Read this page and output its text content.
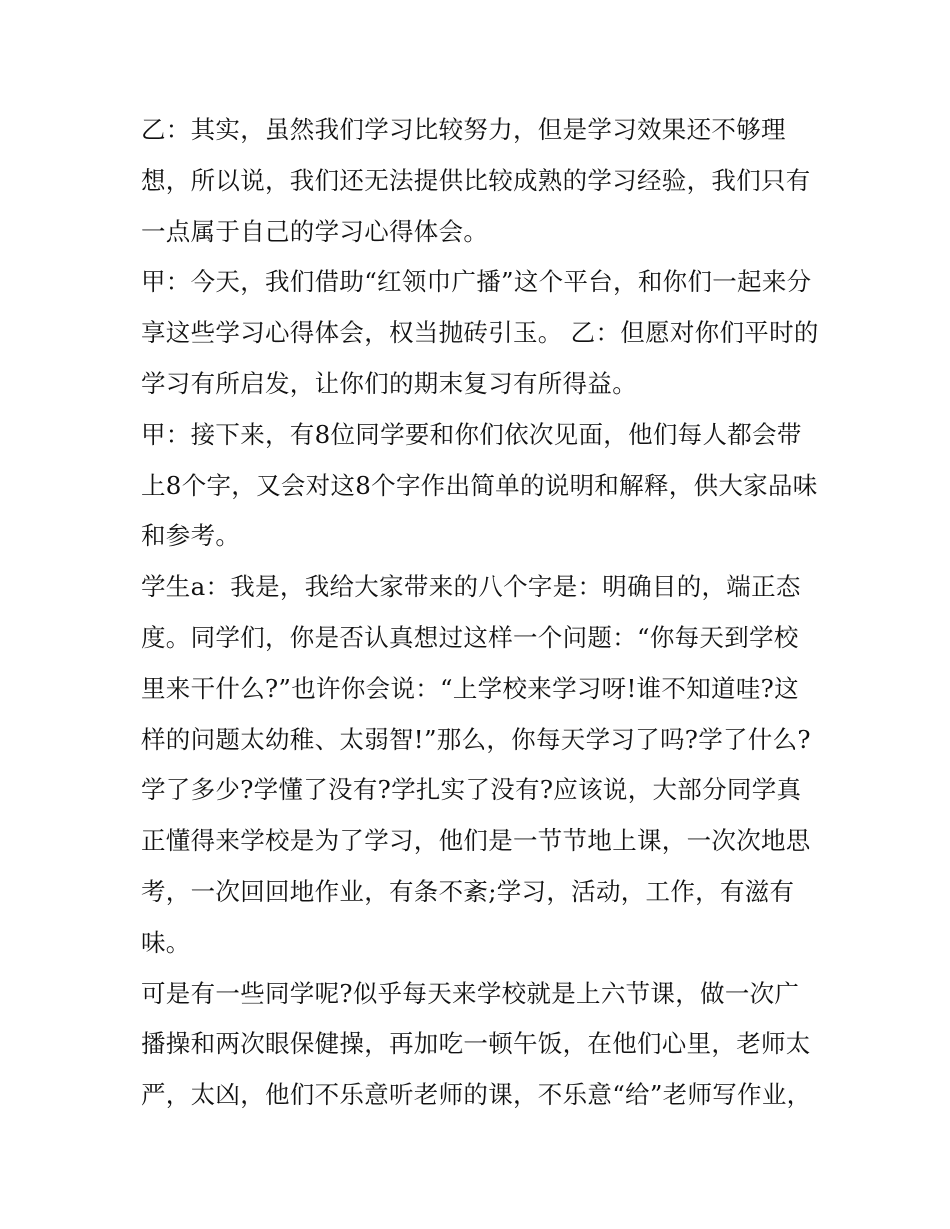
乙：其实，虽然我们学习比较努力，但是学习效果还不够理想，所以说，我们还无法提供比较成熟的学习经验，我们只有一点属于自己的学习心得体会。

甲：今天，我们借助“红领巾广播”这个平台，和你们一起来分享这些学习心得体会，权当抛砖引玉。 乙：但愿对你们平时的学习有所启发，让你们的期末复习有所得益。

甲：接下来，有8位同学要和你们依次见面，他们每人都会带上8个字，又会对这8个字作出简单的说明和解释，供大家品味和参考。

学生a：我是，我给大家带来的八个字是：明确目的，端正态度。同学们，你是否认真想过这样一个问题：“你每天到学校里来干什么?”也许你会说：“上学校来学习呀!谁不知道哇?这样的问题太幼稚、太弱智!”那么，你每天学习了吗?学了什么?学了多少?学懂了没有?学扎实了没有?应该说，大部分同学真正懂得来学校是为了学习，他们是一节节地上课，一次次地思考，一次回回地作业，有条不紊;学习，活动，工作，有滋有味。

可是有一些同学呢?似乎每天来学校就是上六节课，做一次广播操和两次眼保健操，再加吃一顿午饭，在他们心里，老师太严，太凶，他们不乐意听老师的课，不乐意“给”老师写作业，
